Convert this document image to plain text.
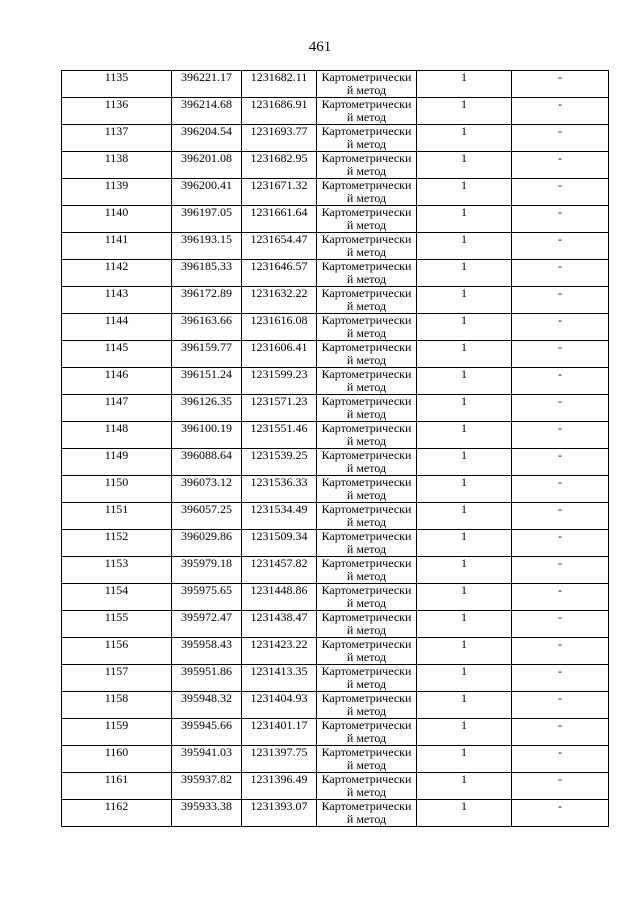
461
1135	396221.17	1231682.11	Картометрически
й метод	1	-
1136	396214.68	1231686.91	Картометрически
й метод	1	-
1137	396204.54	1231693.77	Картометрически
й метод	1	-
1138	396201.08	1231682.95	Картометрически
й метод	1	-
1139	396200.41	1231671.32	Картометрически
й метод	1	-
1140	396197.05	1231661.64	Картометрически
й метод	1	-
1141	396193.15	1231654.47	Картометрически
й метод	1	-
1142	396185.33	1231646.57	Картометрически
й метод	1	-
1143	396172.89	1231632.22	Картометрически
й метод	1	-
1144	396163.66	1231616.08	Картометрически
й метод	1	-
1145	396159.77	1231606.41	Картометрически
й метод	1	-
1146	396151.24	1231599.23	Картометрически
й метод	1	-
1147	396126.35	1231571.23	Картометрически
й метод	1	-
1148	396100.19	1231551.46	Картометрически
й метод	1	-
1149	396088.64	1231539.25	Картометрически
й метод	1	-
1150	396073.12	1231536.33	Картометрически
й метод	1	-
1151	396057.25	1231534.49	Картометрически
й метод	1	-
1152	396029.86	1231509.34	Картометрически
й метод	1	-
1153	395979.18	1231457.82	Картометрически
й метод	1	-
1154	395975.65	1231448.86	Картометрически
й метод	1	-
1155	395972.47	1231438.47	Картометрически
й метод	1	-
1156	395958.43	1231423.22	Картометрически
й метод	1	-
1157	395951.86	1231413.35	Картометрически
й метод	1	-
1158	395948.32	1231404.93	Картометрически
й метод	1	-
1159	395945.66	1231401.17	Картометрически
й метод	1	-
1160	395941.03	1231397.75	Картометрически
й метод	1	-
1161	395937.82	1231396.49	Картометрически
й метод	1	-
1162	395933.38	1231393.07	Картометрически
й метод	1	-
